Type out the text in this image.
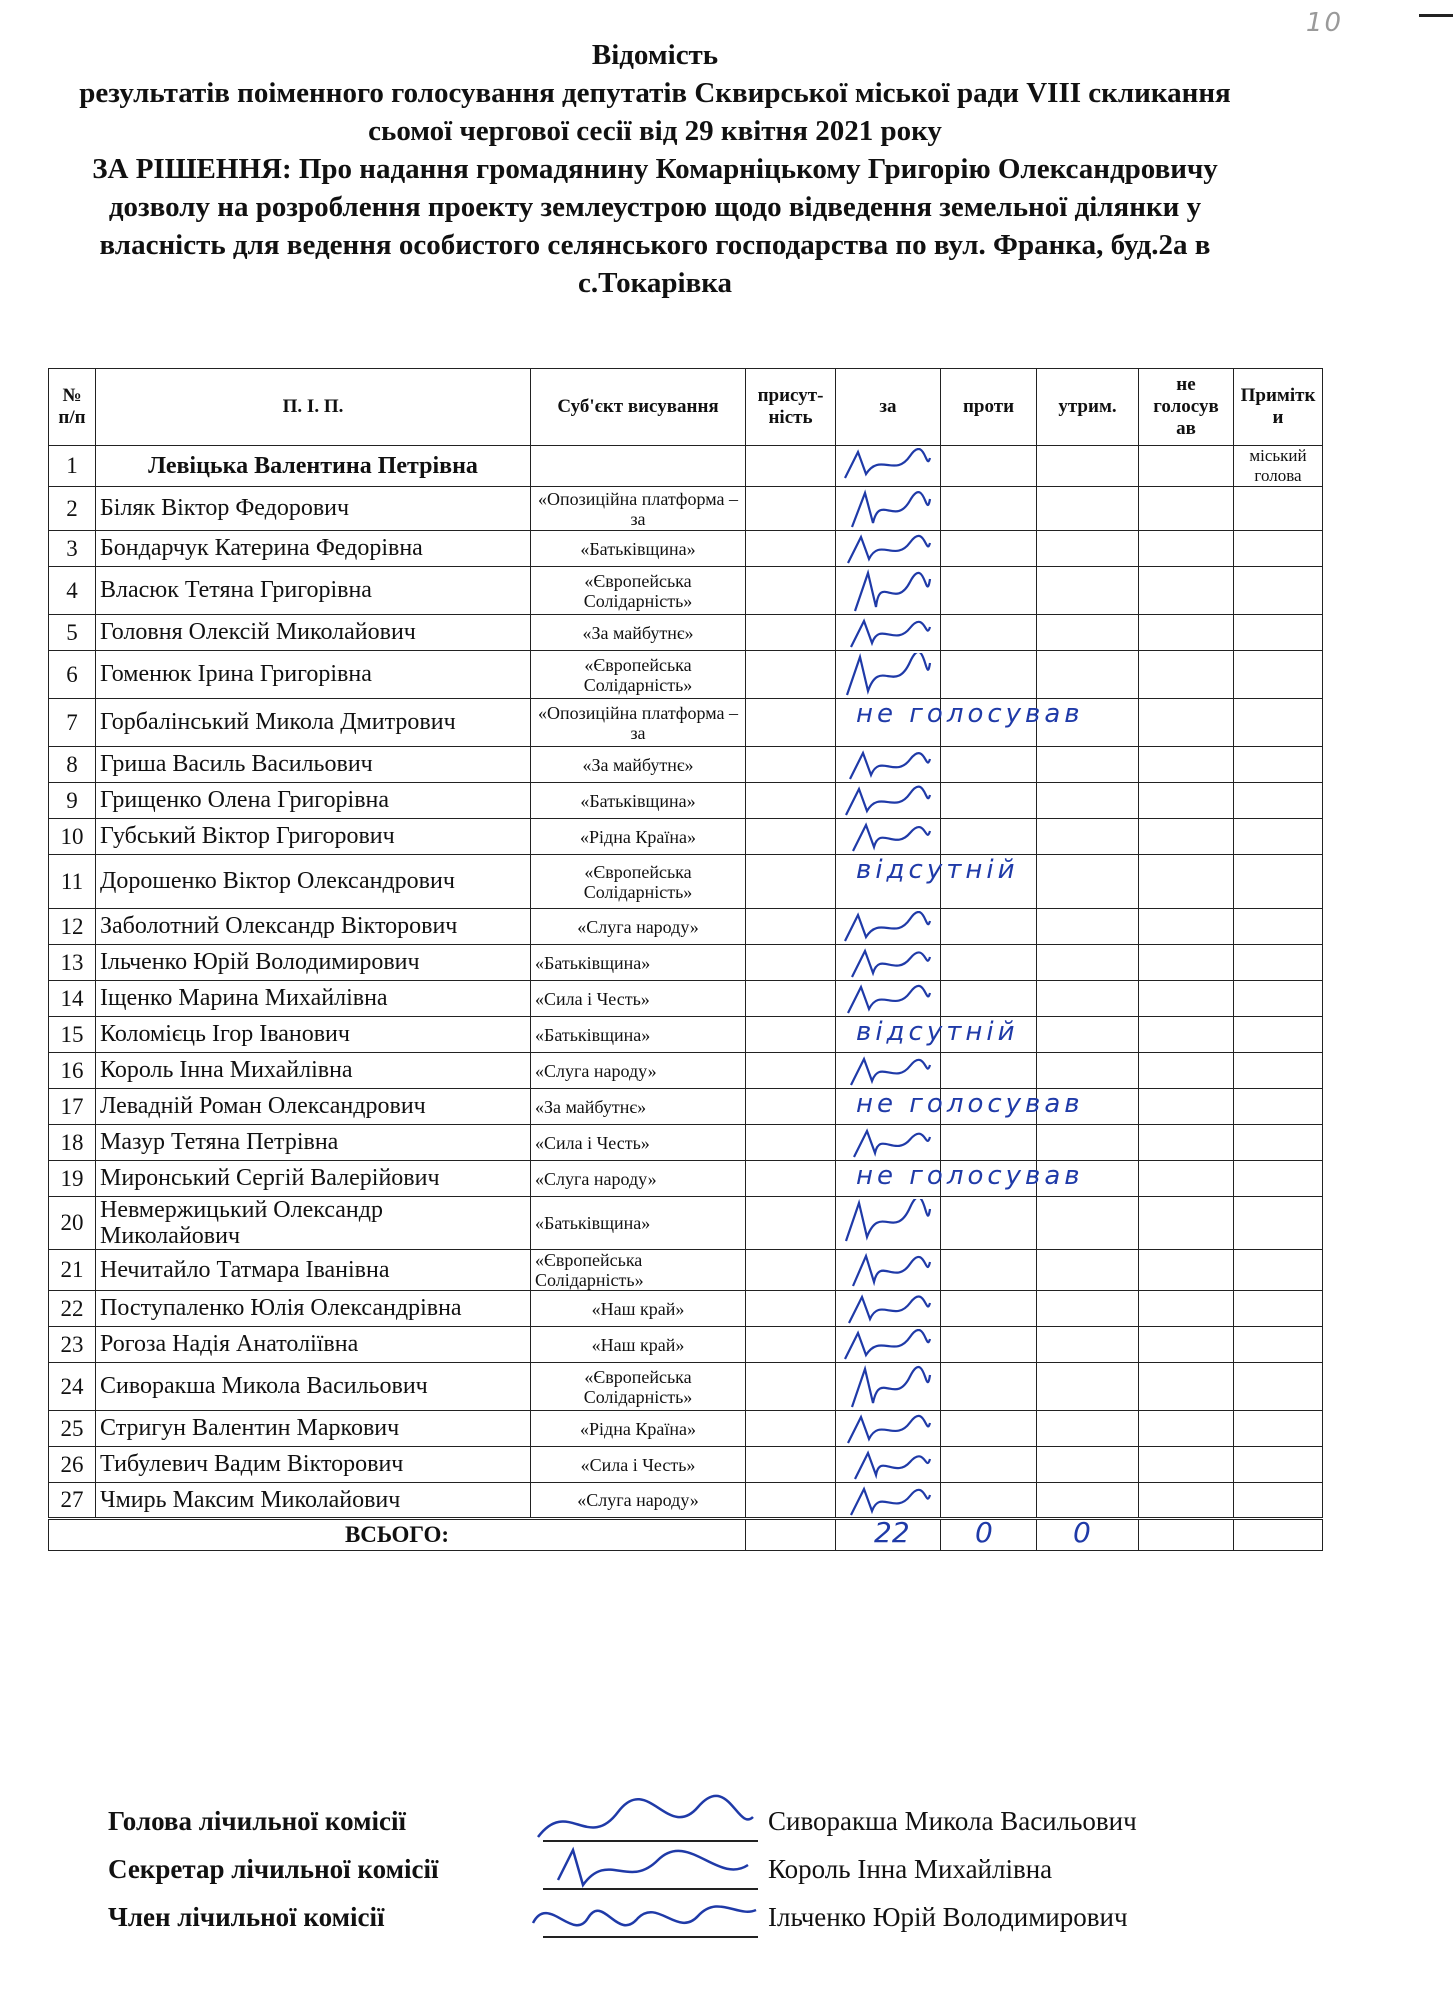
10
Відомість
результатів поіменного голосування депутатів Сквирської міської ради VIII скликання
сьомої чергової сесії від 29 квітня 2021 року
ЗА РІШЕННЯ: Про надання громадянину Комарніцькому Григорію Олександровичу
дозволу на розроблення проекту землеустрою щодо відведення земельної ділянки у
власність для ведення особистого селянського господарства по вул. Франка, буд.2а в
с.Токарівка
№ п/п	П. І. П.	Суб'єкт висування	присут-ність	за	проти	утрим.	не голосув ав	Примітк и
1	Левіцька Валентина Петрівна							міський голова
2	Біляк Віктор Федорович	«Опозиційна платформа – за		

3	Бондарчук Катерина Федорівна	«Батьківщина»		

4	Власюк Тетяна Григорівна	«Європейська Солідарність»		

5	Головня Олексій Миколайович	«За майбутнє»		

6	Гоменюк Ірина Григорівна	«Європейська Солідарність»		

7	Горбалінський Микола Дмитрович	«Опозиційна платформа – за		не голосував				

8	Гриша Василь Васильович	«За майбутнє»		

9	Грищенко Олена Григорівна	«Батьківщина»		

10	Губський Віктор Григорович	«Рідна Країна»		

11	Дорошенко Віктор Олександрович	«Європейська Солідарність»		відсутній				

12	Заболотний Олександр Вікторович	«Слуга народу»		

13	Ільченко Юрій Володимирович	«Батьківщина»		

14	Іщенко Марина Михайлівна	«Сила і Честь»		

15	Коломієць Ігор Іванович	«Батьківщина»		відсутній				

16	Король Інна Михайлівна	«Слуга народу»		

17	Левадній Роман Олександрович	«За майбутнє»		не голосував				

18	Мазур Тетяна Петрівна	«Сила і Честь»		

19	Миронський Сергій Валерійович	«Слуга народу»		не голосував				

20	Невмержицький Олександр Миколайович	«Батьківщина»		

21	Нечитайло Татмара Іванівна	«Європейська Солідарність»		

22	Поступаленко Юлія Олександрівна	«Наш край»		

23	Рогоза Надія Анатоліївна	«Наш край»		

24	Сиворакша Микола Васильович	«Європейська Солідарність»		

25	Стригун Валентин Маркович	«Рідна Країна»		

26	Тибулевич Вадим Вікторович	«Сила і Честь»		

27	Чмирь Максим Миколайович	«Слуга народу»		

ВСЬОГО:				22	0	0		

Голова лічильної комісії	Сиворакша Микола Васильович
Секретар лічильної комісії	Король Інна Михайлівна
Член лічильної комісії	Ільченко Юрій Володимирович
